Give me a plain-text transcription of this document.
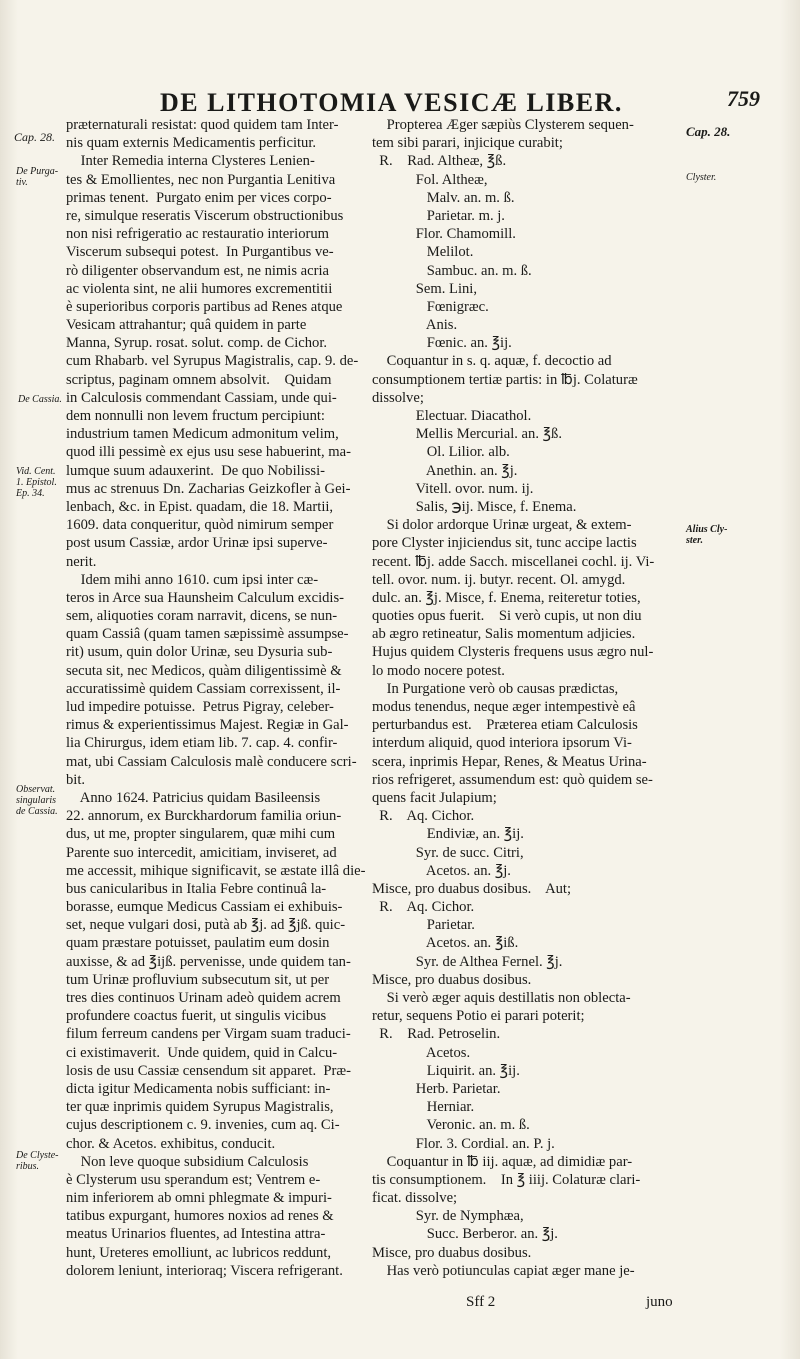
DE LITHOTOMIA VESICÆ LIBER.	759
Cap. 28.	Cap. 28.
De Purga-
tiv.
De Cassia.
Vid. Cent.
1. Epistol.
Ep. 34.
Clyster.
Alius Cly-
ster.
Observat.
singularis
de Cassia.
De Clyste-
ribus.
præternaturali resistat: quod quidem tam Inter-
nis quam externis Medicamentis perficitur.
Inter Remedia interna Clysteres Lenien-
tes & Emollientes, nec non Purgantia Lenitiva
primas tenent.  Purgato enim per vices corpo-
re, simulque reseratis Viscerum obstructionibus
non nisi refrigeratio ac restauratio interiorum
Viscerum subsequi potest.  In Purgantibus ve-
rò diligenter observandum est, ne nimis acria
ac violenta sint, ne alii humores excrementitii
è superioribus corporis partibus ad Renes atque
Vesicam attrahantur; quâ quidem in parte
Manna, Syrup. rosat. solut. comp. de Cichor.
cum Rhabarb. vel Syrupus Magistralis, cap. 9. de-
scriptus, paginam omnem absolvit.    Quidam
in Calculosis commendant Cassiam, unde qui-
dem nonnulli non levem fructum percipiunt:
industrium tamen Medicum admonitum velim,
quod illi pessimè ex ejus usu sese habuerint, ma-
lumque suum adauxerint.  De quo Nobilissi-
mus ac strenuus Dn. Zacharias Geizkofler à Gei-
lenbach, &c. in Epist. quadam, die 18. Martii,
1609. data conqueritur, quòd nimirum semper
post usum Cassiæ, ardor Urinæ ipsi superve-
nerit.
Idem mihi anno 1610. cum ipsi inter cæ-
teros in Arce sua Haunsheim Calculum excidis-
sem, aliquoties coram narravit, dicens, se nun-
quam Cassiâ (quam tamen sæpissimè assumpse-
rit) usum, quin dolor Urinæ, seu Dysuria sub-
secuta sit, nec Medicos, quàm diligentissimè &
accuratissimè quidem Cassiam correxissent, il-
lud impedire potuisse.  Petrus Pigray, celeber-
rimus & experientissimus Majest. Regiæ in Gal-
lia Chirurgus, idem etiam lib. 7. cap. 4. confir-
mat, ubi Cassiam Calculosis malè conducere scri-
bit.
Anno 1624. Patricius quidam Basileensis
22. annorum, ex Burckhardorum familia oriun-
dus, ut me, propter singularem, quæ mihi cum
Parente suo intercedit, amicitiam, inviseret, ad
me accessit, mihique significavit, se æstate illâ die-
bus canicularibus in Italia Febre continuâ la-
borasse, eumque Medicus Cassiam ei exhibuis-
set, neque vulgari dosi, putà ab ℥j. ad ℥jß. quic-
quam præstare potuisset, paulatim eum dosin
auxisse, & ad ℥ijß. pervenisse, unde quidem tan-
tum Urinæ profluvium subsecutum sit, ut per
tres dies continuos Urinam adeò quidem acrem
profundere coactus fuerit, ut singulis vicibus
filum ferreum candens per Virgam suam traduci-
ci existimaverit.  Unde quidem, quid in Calcu-
losis de usu Cassiæ censendum sit apparet.  Præ-
dicta igitur Medicamenta nobis sufficiant: in-
ter quæ inprimis quidem Syrupus Magistralis,
cujus descriptionem c. 9. invenies, cum aq. Ci-
chor. & Acetos. exhibitus, conducit.
Non leve quoque subsidium Calculosis
è Clysterum usu sperandum est; Ventrem e-
nim inferiorem ab omni phlegmate & impuri-
tatibus expurgant, humores noxios ad renes &
meatus Urinarios fluentes, ad Intestina attra-
hunt, Ureteres emolliunt, ac lubricos reddunt,
dolorem leniunt, interioraq; Viscera refrigerant.
Propterea Æger sæpiùs Clysterem sequen-
tem sibi parari, injicique curabit;
R.    Rad. Altheæ, ℥ß.
Fol. Altheæ,
Malv. an. m. ß.
Parietar. m. j.
Flor. Chamomill.
Melilot.
Sambuc. an. m. ß.
Sem. Lini,
Fœnigræc.
Anis.
Fœnic. an. ℥ij.
Coquantur in s. q. aquæ, f. decoctio ad
consumptionem tertiæ partis: in ℔j. Colaturæ
dissolve;
Electuar. Diacathol.
Mellis Mercurial. an. ℥ß.
Ol. Lilior. alb.
Anethin. an. ℥j.
Vitell. ovor. num. ij.
Salis, ℈ij. Misce, f. Enema.
Si dolor ardorque Urinæ urgeat, & extem-
pore Clyster injiciendus sit, tunc accipe lactis
recent. ℔j. adde Sacch. miscellanei cochl. ij. Vi-
tell. ovor. num. ij. butyr. recent. Ol. amygd.
dulc. an. ℥j. Misce, f. Enema, reiteretur toties,
quoties opus fuerit.    Si verò cupis, ut non diu
ab ægro retineatur, Salis momentum adjicies.
Hujus quidem Clysteris frequens usus ægro nul-
lo modo nocere potest.
In Purgatione verò ob causas prædictas,
modus tenendus, neque æger intempestivè eâ
perturbandus est.    Præterea etiam Calculosis
interdum aliquid, quod interiora ipsorum Vi-
scera, inprimis Hepar, Renes, & Meatus Urina-
rios refrigeret, assumendum est: quò quidem se-
quens facit Julapium;
R.    Aq. Cichor.
Endiviæ, an. ℥ij.
Syr. de succ. Citri,
Acetos. an. ℥j.
Misce, pro duabus dosibus.    Aut;
R.    Aq. Cichor.
Parietar.
Acetos. an. ℥iß.
Syr. de Althea Fernel. ℥j.
Misce, pro duabus dosibus.
Si verò æger aquis destillatis non oblecta-
retur, sequens Potio ei parari poterit;
R.    Rad. Petroselin.
Acetos.
Liquirit. an. ℥ij.
Herb. Parietar.
Herniar.
Veronic. an. m. ß.
Flor. 3. Cordial. an. P. j.
Coquantur in ℔ iij. aquæ, ad dimidiæ par-
tis consumptionem.    In ℥ iiij. Colaturæ clari-
ficat. dissolve;
Syr. de Nymphæa,
Succ. Berberor. an. ℥j.
Misce, pro duabus dosibus.
Has verò potiunculas capiat æger mane je-
Sff 2	juno
